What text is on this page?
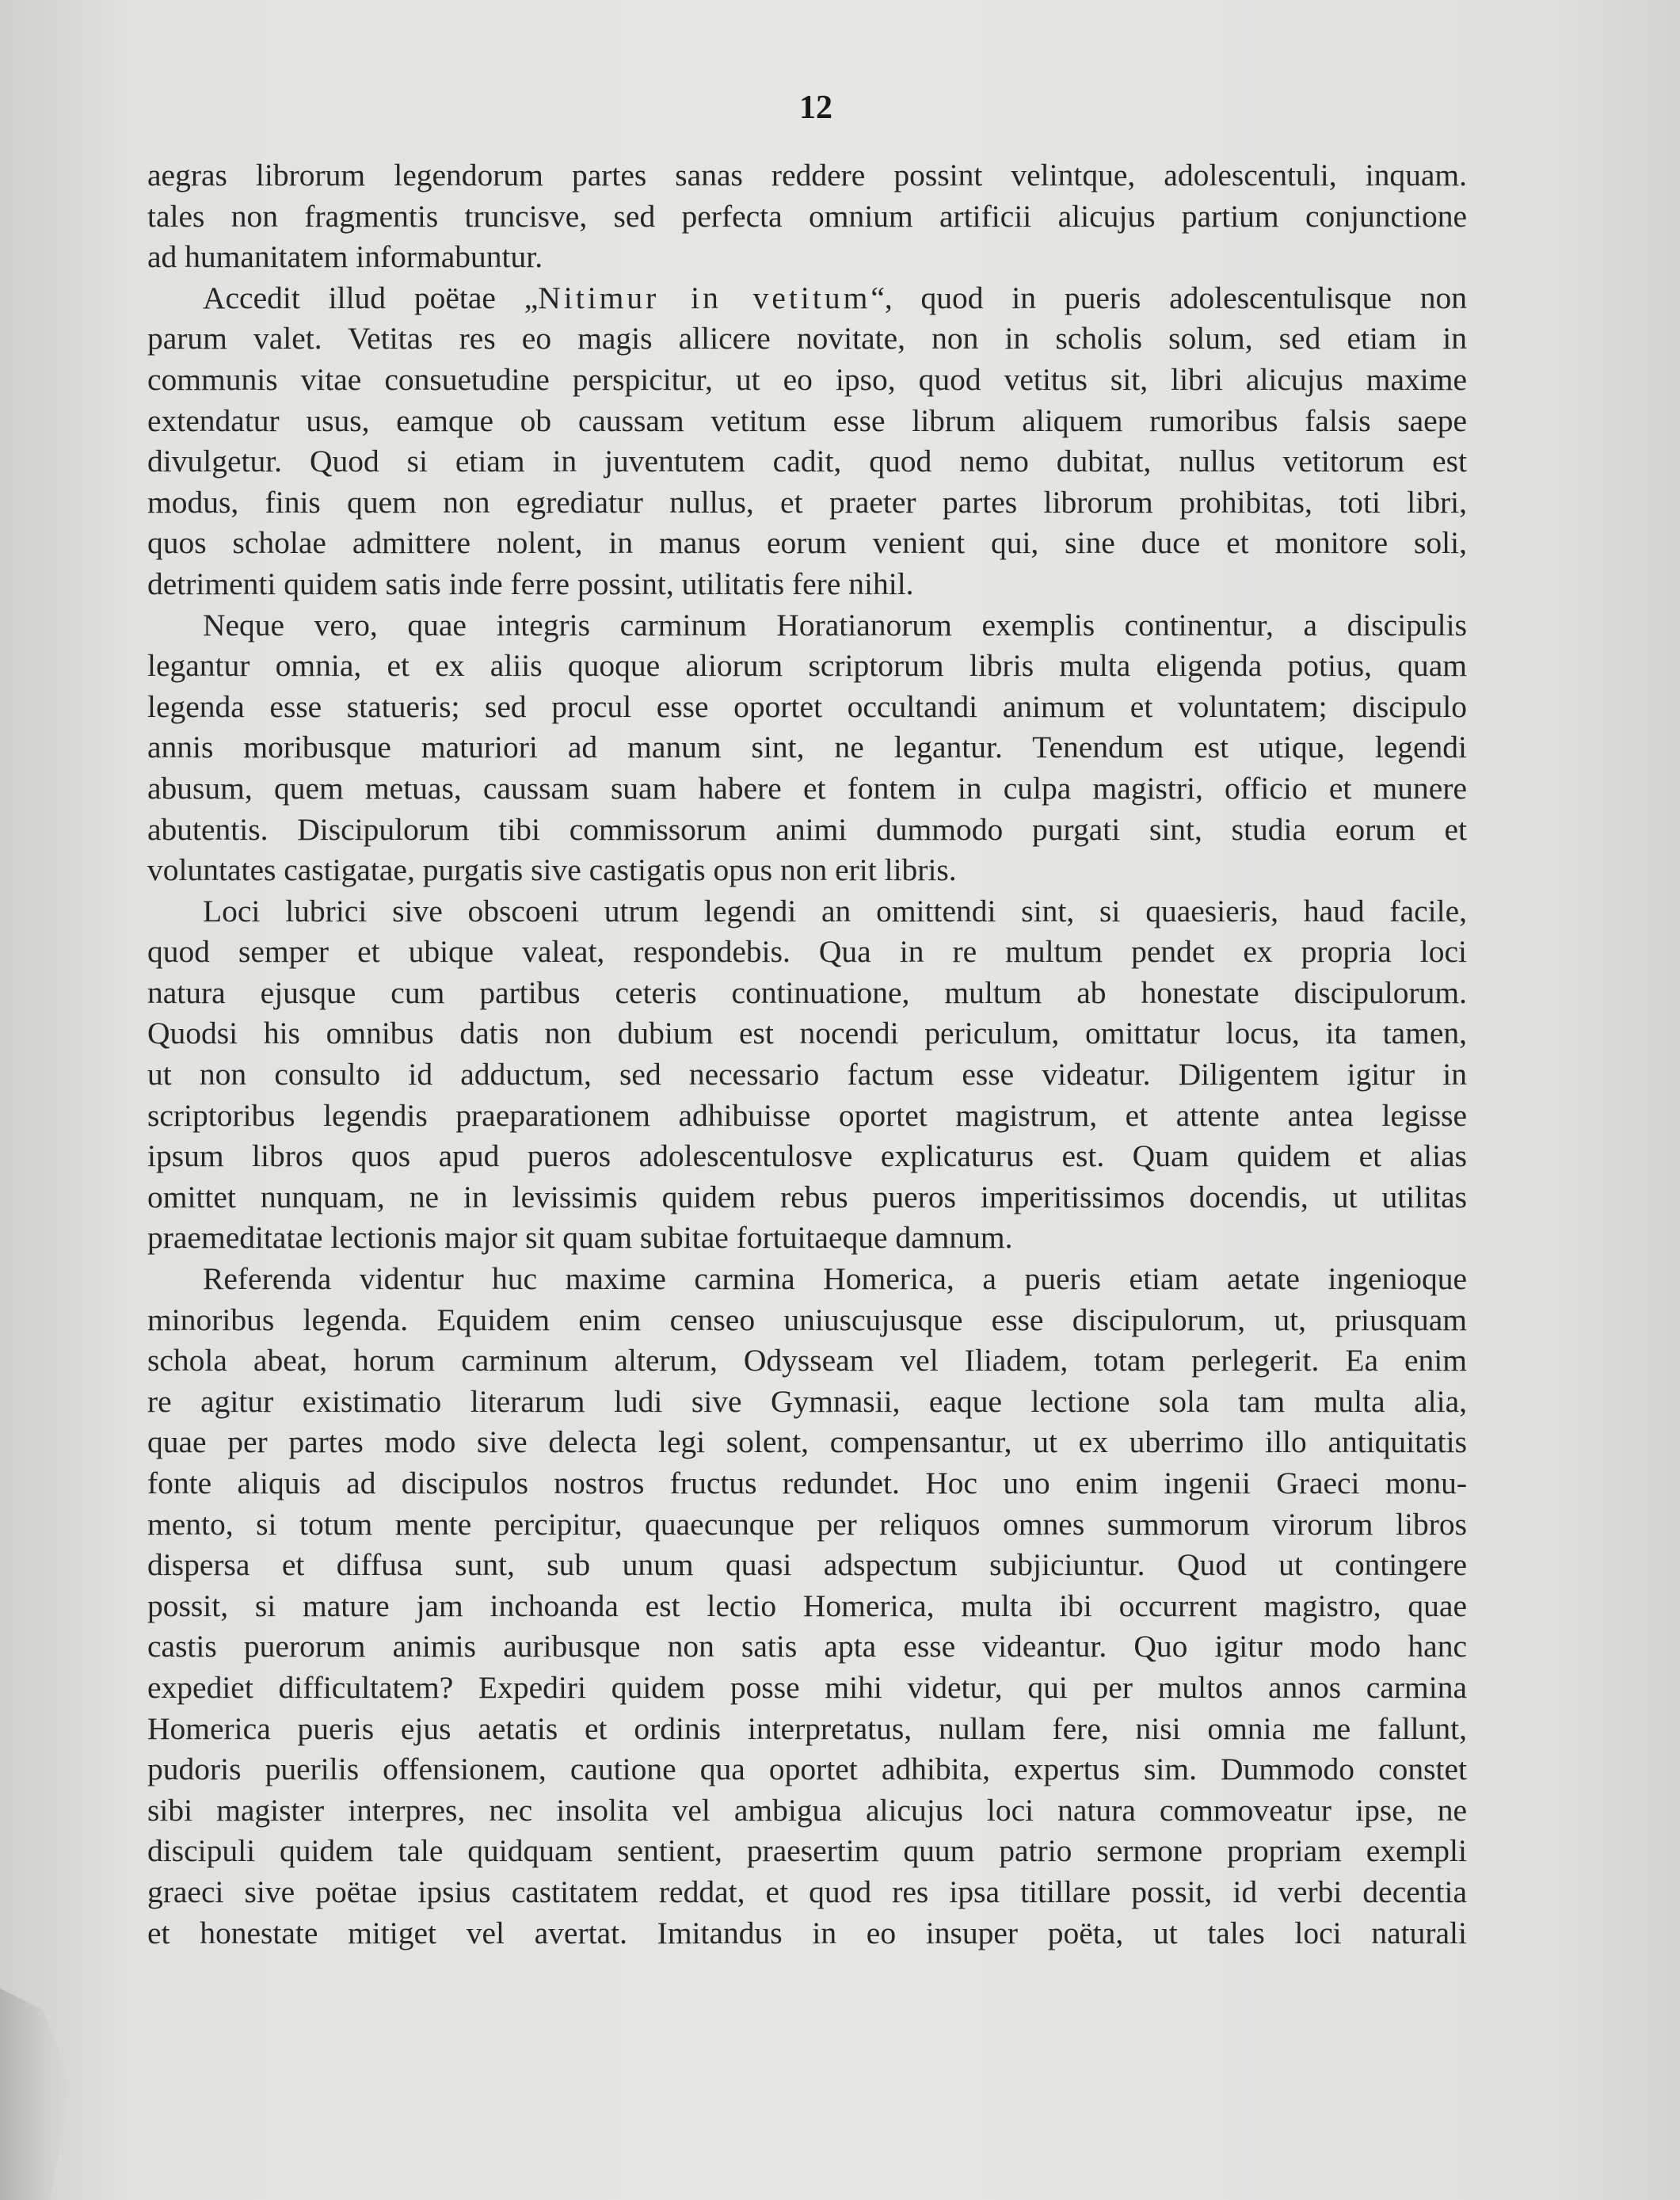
12
aegras librorum legendorum partes sanas reddere possint velintque, adolescentuli, inquam.
tales non fragmentis truncisve, sed perfecta omnium artificii alicujus partium conjunctione
ad humanitatem informabuntur.
Accedit illud poëtae „Nitimur in vetitum“, quod in pueris adolescentulisque non
parum valet. Vetitas res eo magis allicere novitate, non in scholis solum, sed etiam in
communis vitae consuetudine perspicitur, ut eo ipso, quod vetitus sit, libri alicujus maxime
extendatur usus, eamque ob caussam vetitum esse librum aliquem rumoribus falsis saepe
divulgetur. Quod si etiam in juventutem cadit, quod nemo dubitat, nullus vetitorum est
modus, finis quem non egrediatur nullus, et praeter partes librorum prohibitas, toti libri,
quos scholae admittere nolent, in manus eorum venient qui, sine duce et monitore soli,
detrimenti quidem satis inde ferre possint, utilitatis fere nihil.
Neque vero, quae integris carminum Horatianorum exemplis continentur, a discipulis
legantur omnia, et ex aliis quoque aliorum scriptorum libris multa eligenda potius, quam
legenda esse statueris; sed procul esse oportet occultandi animum et voluntatem; discipulo
annis moribusque maturiori ad manum sint, ne legantur. Tenendum est utique, legendi
abusum, quem metuas, caussam suam habere et fontem in culpa magistri, officio et munere
abutentis. Discipulorum tibi commissorum animi dummodo purgati sint, studia eorum et
voluntates castigatae, purgatis sive castigatis opus non erit libris.
Loci lubrici sive obscoeni utrum legendi an omittendi sint, si quaesieris, haud facile,
quod semper et ubique valeat, respondebis. Qua in re multum pendet ex propria loci
natura ejusque cum partibus ceteris continuatione, multum ab honestate discipulorum.
Quodsi his omnibus datis non dubium est nocendi periculum, omittatur locus, ita tamen,
ut non consulto id adductum, sed necessario factum esse videatur. Diligentem igitur in
scriptoribus legendis praeparationem adhibuisse oportet magistrum, et attente antea legisse
ipsum libros quos apud pueros adolescentulosve explicaturus est. Quam quidem et alias
omittet nunquam, ne in levissimis quidem rebus pueros imperitissimos docendis, ut utilitas
praemeditatae lectionis major sit quam subitae fortuitaeque damnum.
Referenda videntur huc maxime carmina Homerica, a pueris etiam aetate ingenioque
minoribus legenda. Equidem enim censeo uniuscujusque esse discipulorum, ut, priusquam
schola abeat, horum carminum alterum, Odysseam vel Iliadem, totam perlegerit. Ea enim
re agitur existimatio literarum ludi sive Gymnasii, eaque lectione sola tam multa alia,
quae per partes modo sive delecta legi solent, compensantur, ut ex uberrimo illo antiquitatis
fonte aliquis ad discipulos nostros fructus redundet. Hoc uno enim ingenii Graeci monu-
mento, si totum mente percipitur, quaecunque per reliquos omnes summorum virorum libros
dispersa et diffusa sunt, sub unum quasi adspectum subjiciuntur. Quod ut contingere
possit, si mature jam inchoanda est lectio Homerica, multa ibi occurrent magistro, quae
castis puerorum animis auribusque non satis apta esse videantur. Quo igitur modo hanc
expediet difficultatem? Expediri quidem posse mihi videtur, qui per multos annos carmina
Homerica pueris ejus aetatis et ordinis interpretatus, nullam fere, nisi omnia me fallunt,
pudoris puerilis offensionem, cautione qua oportet adhibita, expertus sim. Dummodo constet
sibi magister interpres, nec insolita vel ambigua alicujus loci natura commoveatur ipse, ne
discipuli quidem tale quidquam sentient, praesertim quum patrio sermone propriam exempli
graeci sive poëtae ipsius castitatem reddat, et quod res ipsa titillare possit, id verbi decentia
et honestate mitiget vel avertat. Imitandus in eo insuper poëta, ut tales loci naturali
